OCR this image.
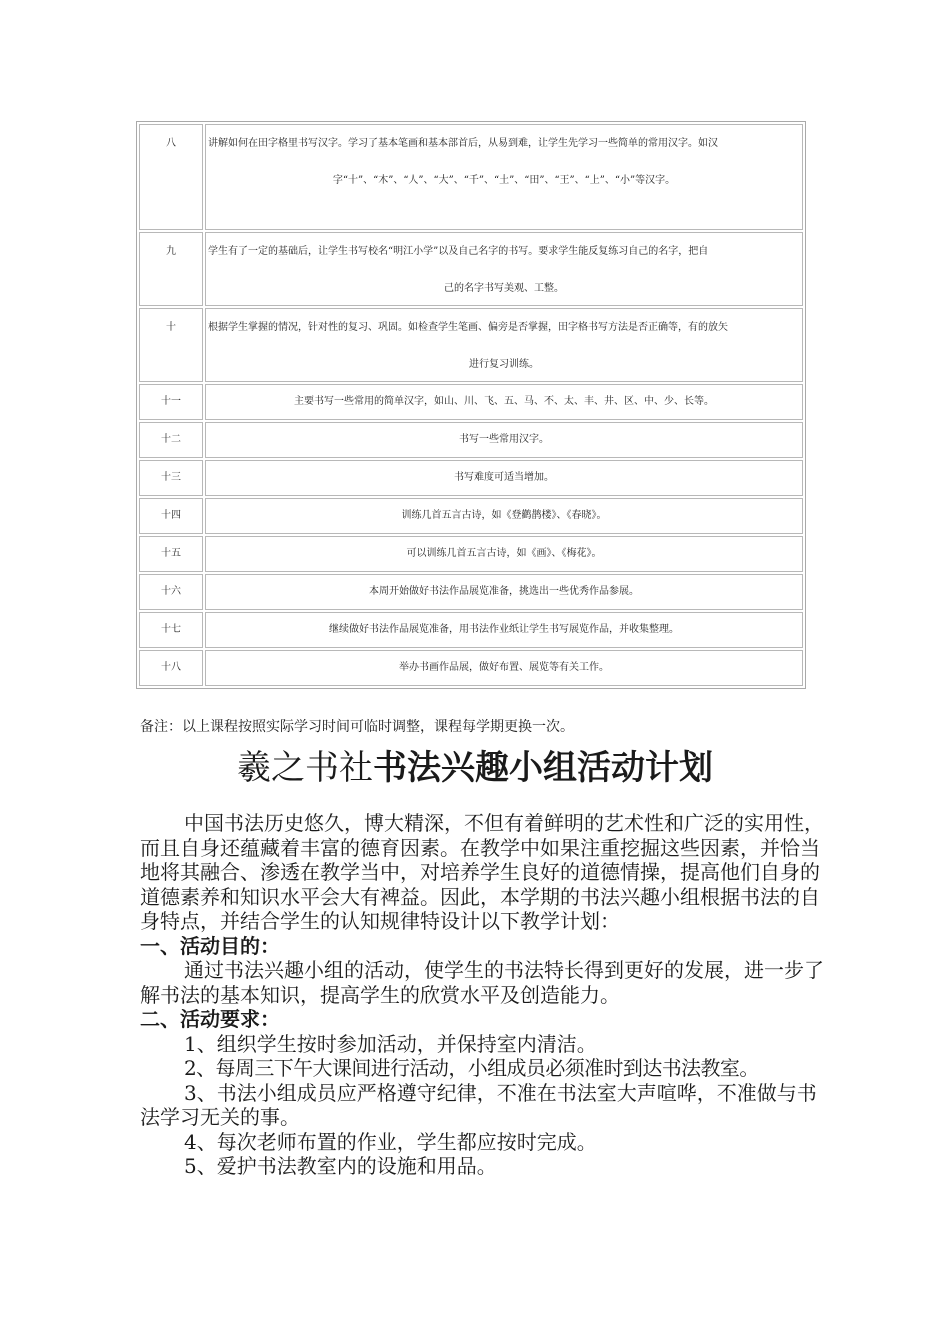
八	讲解如何在田字格里书写汉字。学习了基本笔画和基本部首后，从易到难，让学生先学习一些简单的常用汉字。如汉
字“十”、“木”、“人”、“大”、“千”、“土”、“田”、“王”、“上”、“小”等汉字。
九	学生有了一定的基础后，让学生书写校名“明江小学”以及自己名字的书写。要求学生能反复练习自己的名字，把自
己的名字书写美观、工整。
十	根据学生掌握的情况，针对性的复习、巩固。如检查学生笔画、偏旁是否掌握，田字格书写方法是否正确等，有的放矢
进行复习训练。
十一	主要书写一些常用的简单汉字，如山、川、飞、五、马、不、太、丰、井、区、中、少、长等。
十二	书写一些常用汉字。
十三	书写难度可适当增加。
十四	训练几首五言古诗，如《登鹳鹊楼》、《春晓》。
十五	可以训练几首五言古诗，如《画》、《梅花》。
十六	本周开始做好书法作品展览准备，挑选出一些优秀作品参展。
十七	继续做好书法作品展览准备，用书法作业纸让学生书写展览作品，并收集整理。
十八	举办书画作品展，做好布置、展览等有关工作。
备注：以上课程按照实际学习时间可临时调整，课程每学期更换一次。
羲之书社书法兴趣小组活动计划
中国书法历史悠久，博大精深，不但有着鲜明的艺术性和广泛的实用性，而且自身还蕴藏着丰富的德育因素。在教学中如果注重挖掘这些因素，并恰当地将其融合、渗透在教学当中，对培养学生良好的道德情操，提高他们自身的道德素养和知识水平会大有裨益。因此，本学期的书法兴趣小组根据书法的自身特点，并结合学生的认知规律特设计以下教学计划：
一、活动目的：
通过书法兴趣小组的活动，使学生的书法特长得到更好的发展，进一步了解书法的基本知识，提高学生的欣赏水平及创造能力。
二、活动要求：
1、组织学生按时参加活动，并保持室内清洁。
2、每周三下午大课间进行活动，小组成员必须准时到达书法教室。
3、书法小组成员应严格遵守纪律，不准在书法室大声喧哗，不准做与书法学习无关的事。
4、每次老师布置的作业，学生都应按时完成。
5、爱护书法教室内的设施和用品。
